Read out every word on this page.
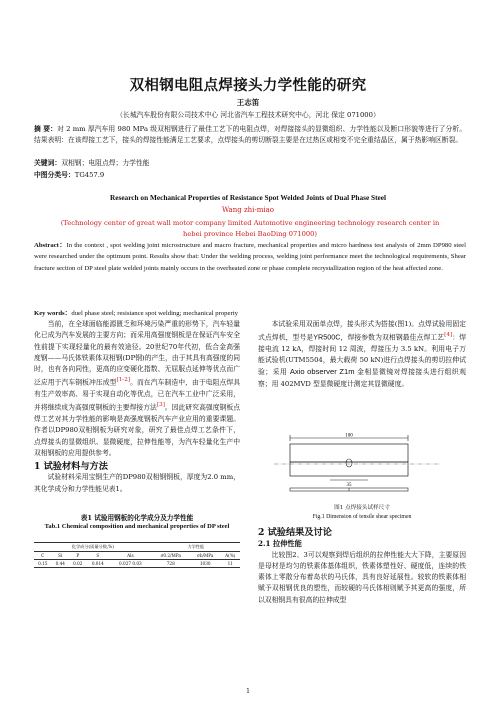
双相钢电阻点焊接头力学性能的研究
王志笛
（长城汽车股份有限公司技术中心 河北省汽车工程技术研究中心，河北 保定 071000）
摘 要：对 2 mm 厚汽车用 980 MPa 级双相钢进行了最佳工艺下的电阻点焊，对焊接接头的显微组织、力学性能以及断口形貌等进行了分析。结果表明：在该焊接工艺下，接头的焊接性能满足工艺要求，点焊接头的剪切断裂主要是在过热区或相变不完全重结晶区，属于热影响区断裂。
关键词：双相钢；电阻点焊；力学性能
中图分类号：TG457.9
Research on Mechanical Properties of Resistance Spot Welded Joints of Dual Phase Steel
Wang zhi-miao
(Technology center of great wall motor company limited Automotive engineering technology research center in
hebei province Hebei BaoDing 071000)
Abstract：In the context , spot welding joint microstructure and macro fracture, mechanical properties and micro hardness test analysis of 2mm DP980 steel were researched under the optimum point. Results show that: Under the welding process, welding joint performance meet the technological requirements, Shear fracture section of DP steel plate welded joints mainly occurs in the overheated zone or phase complete recrystallization region of the heat affected zone.
Key words：duel phase steel; resistance spot welding; mechanical property
当前，在全球面临能源匮乏和环境污染严重的形势下，汽车轻量化已成为汽车发展的主要方向；而采用高强度钢板是在保证汽车安全性前提下实现轻量化的最有效途径。20世纪70年代初，低合金高强度钢——马氏体铁素体双相钢(DP钢)的产生，由于其具有高强度的同时，也有各向同性，更高的应变硬化指数、无屈服点延伸等优点而广泛应用于汽车钢板冲压成型[1-2]。而在汽车制造中，由于电阻点焊具有生产效率高、易于实现自动化等优点，已在汽车工业中广泛采用，并将继续成为高强度钢板的主要焊接方法[3]。因此研究高强度钢板点焊工艺对其力学性能的影响是高强度钢板汽车产业应用的重要课题。作者以DP980双相钢板为研究对象，研究了最佳点焊工艺条件下，点焊接头的显微组织、显微硬度，拉伸性能等，为汽车轻量化生产中双相钢板的应用提供参考。
1 试验材料与方法
试验材料采用宝钢生产的DP980双相钢钢板，厚度为2.0 mm，其化学成分和力学性能见表1。
表1 试验用钢板的化学成分及力学性能
Tab.1 Chemical composition and mechanical properties of DP steel
化学成分(质量分数,%)					力学性能		
C	Si	P	S	Als	σ0.2/MPa	σb/MPa	A(%)
0.15	0.44	0.02	0.014	0.027 0.03	728	1030	11
本试验采用双面单点焊，接头形式为搭接(图1)。点焊试验用固定式点焊机，型号是YR500C，焊接参数为双相钢最佳点焊工艺[4]：焊接电流 12 kA，焊接时间 12 周波，焊接压力 3.5 kN。利用电子万能试验机(UTM5504，最大载荷 50 kN)进行点焊接头的剪切拉伸试验；采用 Axio observer Z1m 金相显微镜对焊接接头进行组织观察；用 402MVD 型显微硬度计测定其显微硬度。
100
35
图1 点焊接头试样尺寸
Fig.1 Dimension of tensile shear specimen
2 试验结果及讨论
2.1 拉伸性能
比较图2、3可以观察到焊后组织的拉伸性能大大下降，主要原因是母材是均匀的铁素体基体组织，铁素体塑性好、硬度低，连续的铁素体上零散分布着岛状的马氏体，具有良好延展性。较软的铁素体相赋予双相钢优良的塑性，而较硬的马氏体相则赋予其更高的强度，所以双相钢具有很高的拉伸成型
1
